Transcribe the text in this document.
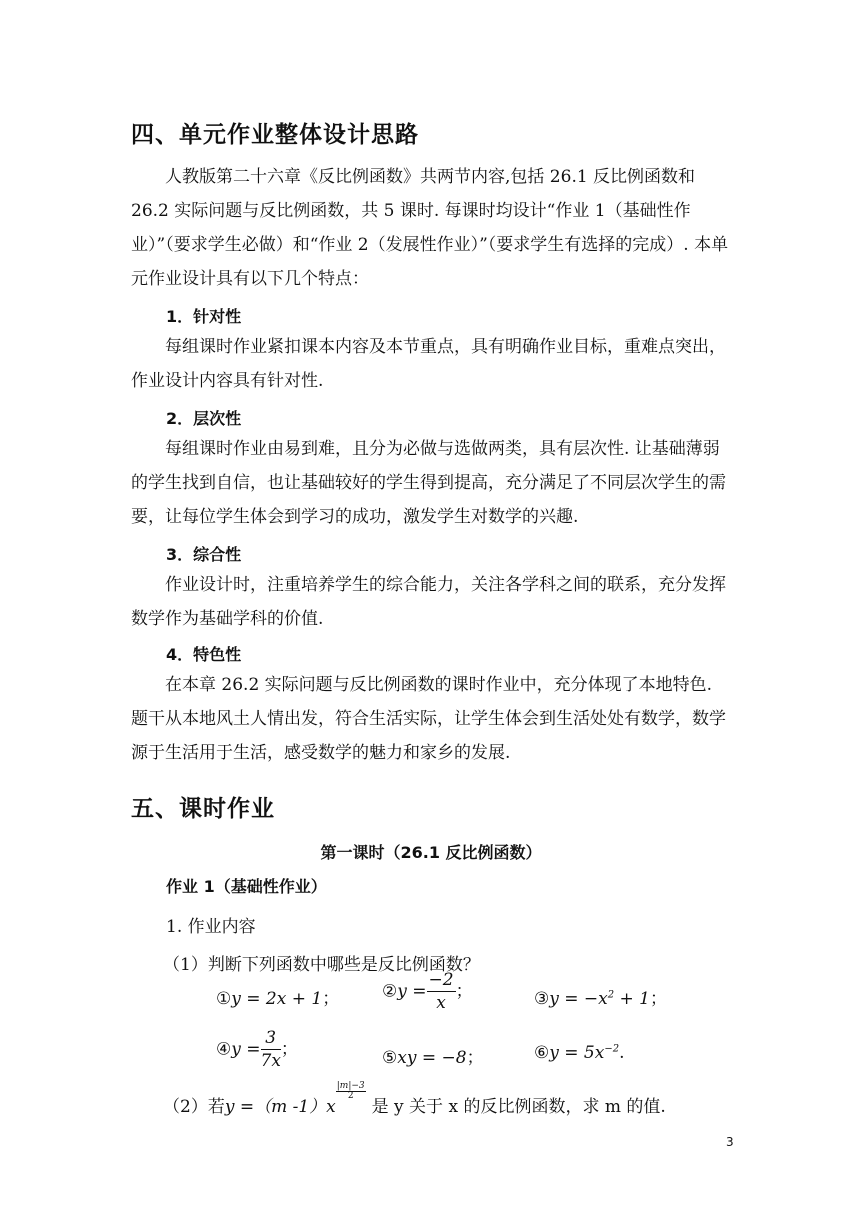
四、单元作业整体设计思路
人教版第二十六章《反比例函数》共两节内容,包括 26.1 反比例函数和 26.2 实际问题与反比例函数，共 5 课时. 每课时均设计“作业 1（基础性作业）”（要求学生必做）和“作业 2（发展性作业）”（要求学生有选择的完成）. 本单元作业设计具有以下几个特点：
1．针对性
每组课时作业紧扣课本内容及本节重点，具有明确作业目标，重难点突出，作业设计内容具有针对性.
2．层次性
每组课时作业由易到难，且分为必做与选做两类，具有层次性. 让基础薄弱的学生找到自信，也让基础较好的学生得到提高，充分满足了不同层次学生的需要，让每位学生体会到学习的成功，激发学生对数学的兴趣.
3．综合性
作业设计时，注重培养学生的综合能力，关注各学科之间的联系，充分发挥数学作为基础学科的价值.
4．特色性
在本章 26.2 实际问题与反比例函数的课时作业中，充分体现了本地特色. 题干从本地风土人情出发，符合生活实际，让学生体会到生活处处有数学，数学源于生活用于生活，感受数学的魅力和家乡的发展.
五、课时作业
第一课时（26.1 反比例函数）
作业 1（基础性作业）
1. 作业内容
（1）判断下列函数中哪些是反比例函数？
①y = 2x + 1；	②y = $\frac{-2}{x}$ ；	③y = $-x^2 + 1$；
④y = $\frac{3}{7x}$ ；	⑤xy = −8；	⑥y = $5x^{-2}$.
（2）若y =（m -1）x
$\frac{|m|-3}{2}$
是 y 关于 x 的反比例函数，求 m 的值.
3
